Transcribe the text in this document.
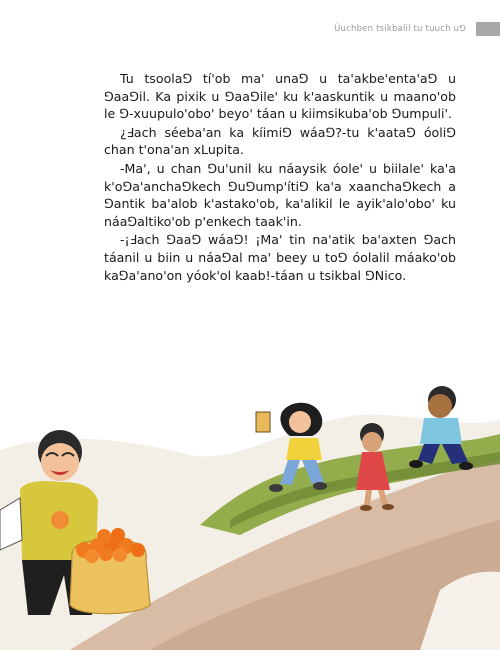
Úuchben tsikbalil tu tuuch u⅁

Tu tsoola⅁ tí'ob ma' una⅁ u ta'akbe'enta'a⅁ u ⅁aa⅁il. Ka pixik u ⅁aa⅁ile' ku k'aaskuntik u maano'ob le ⅁-xuupulo'obo' beyo' táan u kiimsikuba'ob ⅁umpuli'.

¿Ⅎach séeba'an ka kíimi⅁ wáa⅁?-tu k'aata⅁ óoli⅁ chan t'ona'an xLupita.

-Ma', u chan ⅁u'unil ku náaysik óole' u biilale' ka'a k'o⅁a'ancha⅁kech ⅁u⅁ump'íti⅁ ka'a xaancha⅁kech a ⅁antik ba'alob k'astako'ob, ka'alikil le ayik'alo'obo' ku náa⅁altiko'ob p'enkech taak'in.

-¡Ⅎach ⅁aa⅁ wáa⅁! ¡Ma' tin na'atik ba'axten ⅁ach táanil u biin u náa⅁al ma' beey u to⅁ óolalil máako'ob ka⅁a'ano'on yóok'ol kaab!-táan u tsikbal ⅁Nico.
